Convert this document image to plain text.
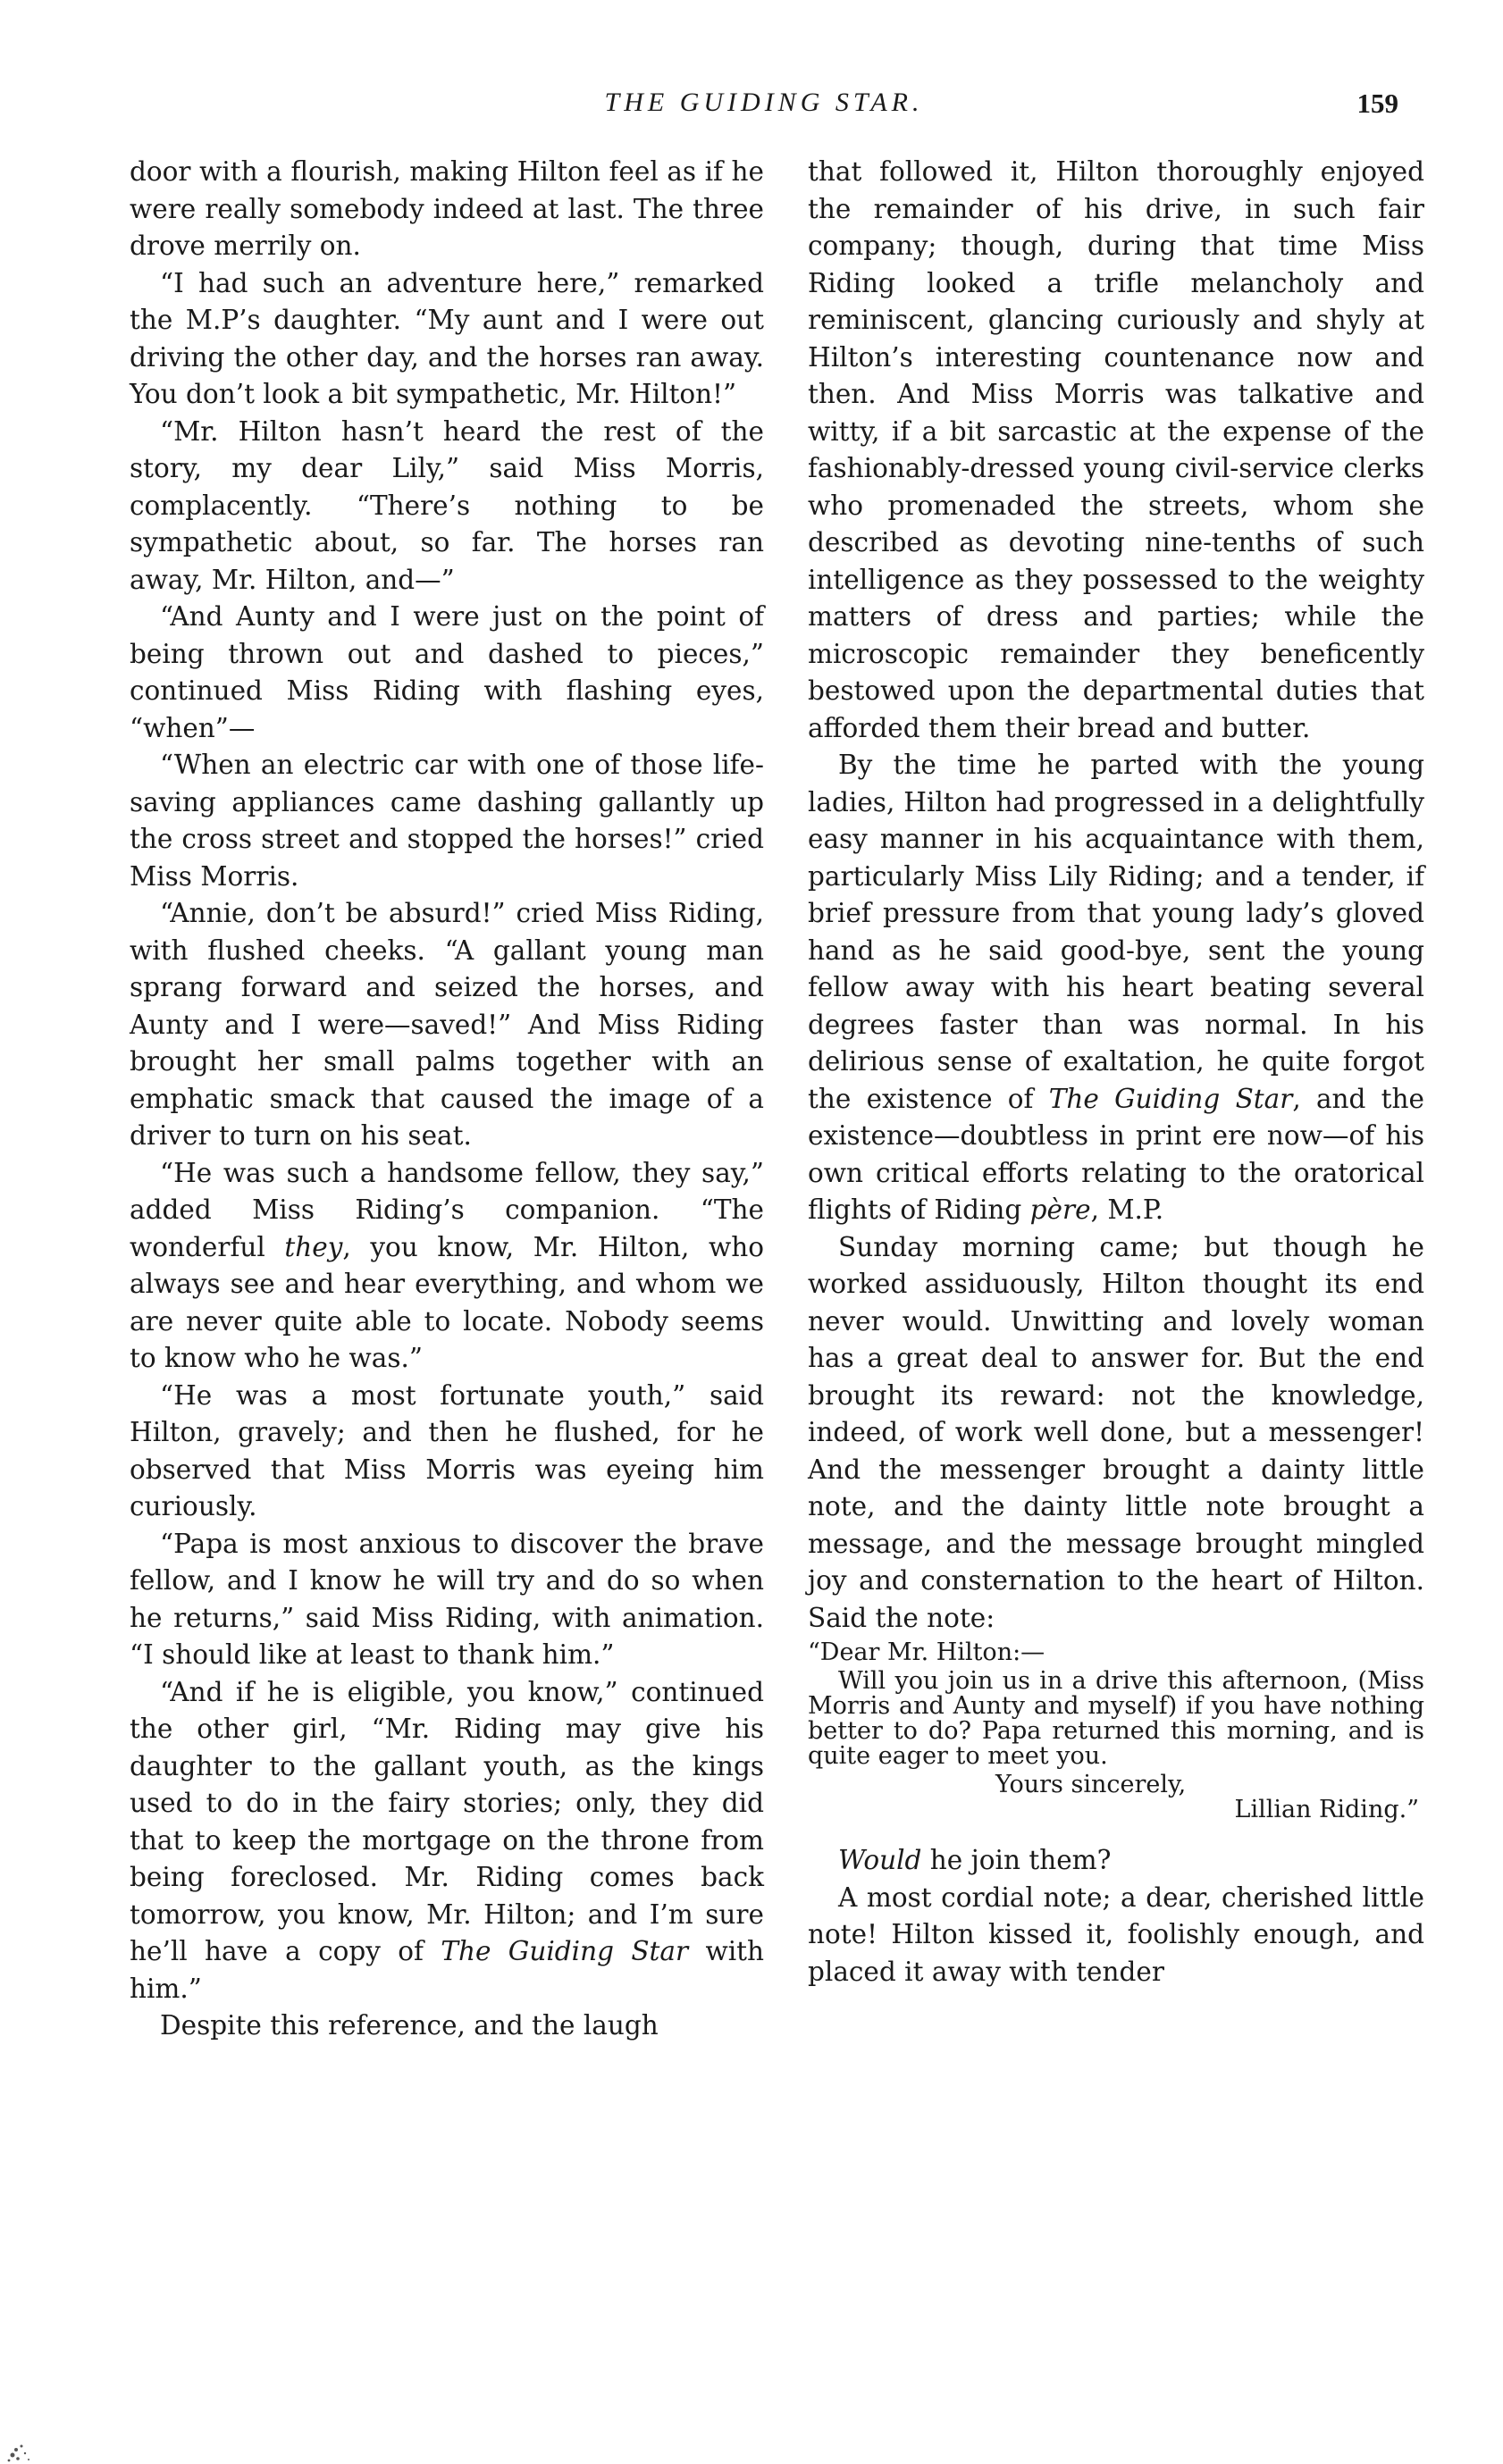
THE GUIDING STAR.	159

door with a flourish, making Hilton feel as if he were really somebody indeed at last. The three drove merrily on.

“I had such an adventure here,” remarked the M.P’s daughter. “My aunt and I were out driving the other day, and the horses ran away. You don’t look a bit sympathetic, Mr. Hilton!”

“Mr. Hilton hasn’t heard the rest of the story, my dear Lily,” said Miss Morris, complacently. “There’s nothing to be sympathetic about, so far. The horses ran away, Mr. Hilton, and—”

“And Aunty and I were just on the point of being thrown out and dashed to pieces,” continued Miss Riding with flashing eyes, “when”—

“When an electric car with one of those life-saving appliances came dashing gallantly up the cross street and stopped the horses!” cried Miss Morris.

“Annie, don’t be absurd!” cried Miss Riding, with flushed cheeks. “A gallant young man sprang forward and seized the horses, and Aunty and I were—saved!” And Miss Riding brought her small palms together with an emphatic smack that caused the image of a driver to turn on his seat.

“He was such a handsome fellow, they say,” added Miss Riding’s companion. “The wonderful they, you know, Mr. Hilton, who always see and hear everything, and whom we are never quite able to locate. Nobody seems to know who he was.”

“He was a most fortunate youth,” said Hilton, gravely; and then he flushed, for he observed that Miss Morris was eyeing him curiously.

“Papa is most anxious to discover the brave fellow, and I know he will try and do so when he returns,” said Miss Riding, with animation. “I should like at least to thank him.”

“And if he is eligible, you know,” continued the other girl, “Mr. Riding may give his daughter to the gallant youth, as the kings used to do in the fairy stories; only, they did that to keep the mortgage on the throne from being foreclosed. Mr. Riding comes back tomorrow, you know, Mr. Hilton; and I’m sure he’ll have a copy of The Guiding Star with him.”

Despite this reference, and the laugh

that followed it, Hilton thoroughly enjoyed the remainder of his drive, in such fair company; though, during that time Miss Riding looked a trifle melancholy and reminiscent, glancing curiously and shyly at Hilton’s interesting countenance now and then. And Miss Morris was talkative and witty, if a bit sarcastic at the expense of the fashionably-dressed young civil-service clerks who promenaded the streets, whom she described as devoting nine-tenths of such intelligence as they possessed to the weighty matters of dress and parties; while the microscopic remainder they beneficently bestowed upon the departmental duties that afforded them their bread and butter.

By the time he parted with the young ladies, Hilton had progressed in a delightfully easy manner in his acquaintance with them, particularly Miss Lily Riding; and a tender, if brief pressure from that young lady’s gloved hand as he said good-bye, sent the young fellow away with his heart beating several degrees faster than was normal. In his delirious sense of exaltation, he quite forgot the existence of The Guiding Star, and the existence—doubtless in print ere now—of his own critical efforts relating to the oratorical flights of Riding père, M.P.

Sunday morning came; but though he worked assiduously, Hilton thought its end never would. Unwitting and lovely woman has a great deal to answer for. But the end brought its reward: not the knowledge, indeed, of work well done, but a messenger! And the messenger brought a dainty little note, and the dainty little note brought a message, and the message brought mingled joy and consternation to the heart of Hilton. Said the note:

“Dear Mr. Hilton:—

Will you join us in a drive this afternoon, (Miss Morris and Aunty and myself) if you have nothing better to do? Papa returned this morning, and is quite eager to meet you.

Yours sincerely,

Lillian Riding.”

Would he join them?

A most cordial note; a dear, cherished little note! Hilton kissed it, foolishly enough, and placed it away with tender
